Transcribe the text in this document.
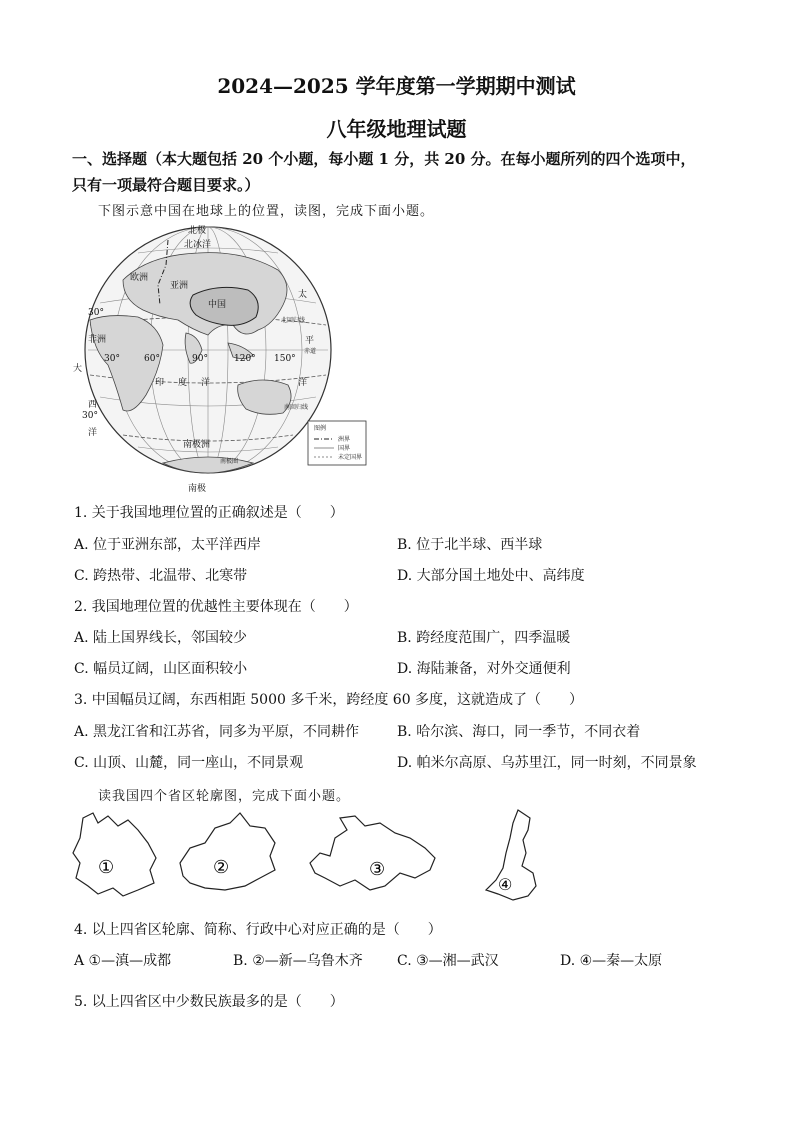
2024—2025 学年度第一学期期中测试
八年级地理试题
一、选择题（本大题包括 20 个小题，每小题 1 分，共 20 分。在每小题所列的四个选项中，
只有一项最符合题目要求。）
下图示意中国在地球上的位置，读图，完成下面小题。
北极
北冰洋
欧洲
亚洲
中国
30°
非洲
30°	60°	90°	120° 150°
大
西
洋
30°
印 度 洋
太
平
洋
南极洲
南极
北回归线
赤道
南回归线
南极圈
图例
洲界
国界
未定国界
1. 关于我国地理位置的正确叙述是（　　）
A. 位于亚洲东部，太平洋西岸	B. 位于北半球、西半球
C. 跨热带、北温带、北寒带	D. 大部分国土地处中、高纬度
2. 我国地理位置的优越性主要体现在（　　）
A. 陆上国界线长，邻国较少	B. 跨经度范围广，四季温暖
C. 幅员辽阔，山区面积较小	D. 海陆兼备，对外交通便利
3. 中国幅员辽阔，东西相距 5000 多千米，跨经度 60 多度，这就造成了（　　）
A. 黑龙江省和江苏省，同多为平原，不同耕作	B. 哈尔滨、海口，同一季节，不同衣着
C. 山顶、山麓，同一座山，不同景观	D. 帕米尔高原、乌苏里江，同一时刻，不同景象
读我国四个省区轮廓图，完成下面小题。
①	②	③
④
4. 以上四省区轮廓、简称、行政中心对应正确的是（　　）
A ①—滇—成都	B. ②—新—乌鲁木齐 C. ③—湘—武汉	D. ④—秦—太原
5. 以上四省区中少数民族最多的是（　　）
